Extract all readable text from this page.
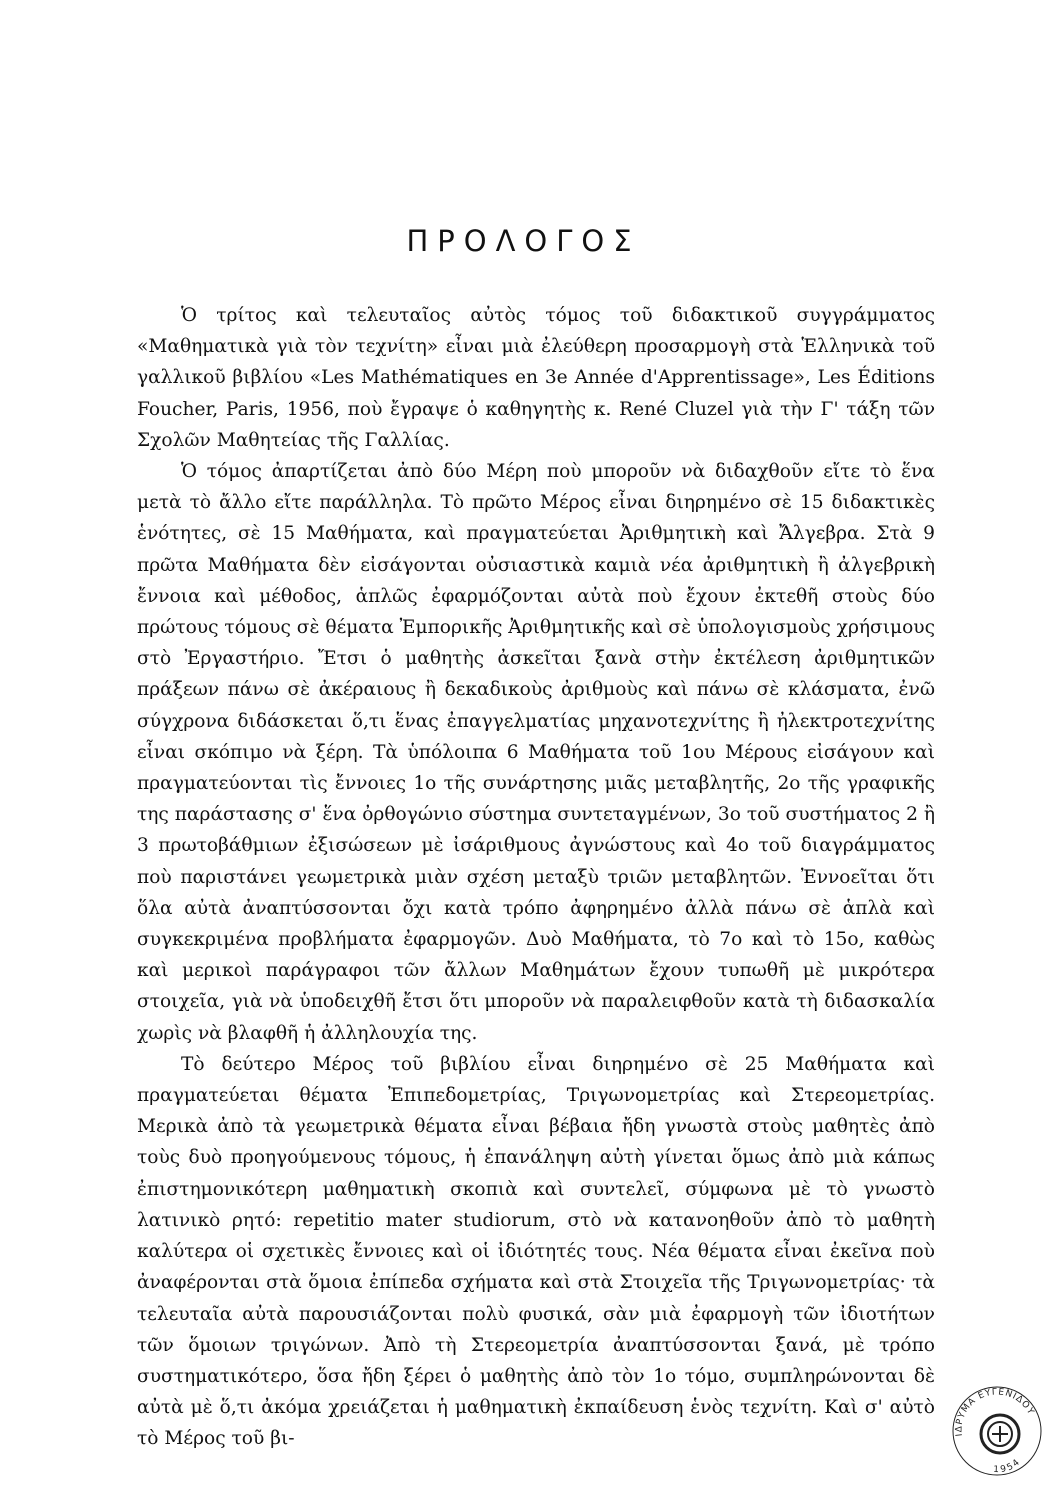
ΠΡΟΛΟΓΟΣ

Ὁ τρίτος καὶ τελευταῖος αὐτὸς τόμος τοῦ διδακτικοῦ συγγράμματος «Μαθηματικὰ γιὰ τὸν τεχνίτη» εἶναι μιὰ ἐλεύθερη προσαρμογὴ στὰ Ἑλληνικὰ τοῦ γαλλικοῦ βιβλίου «Les Mathématiques en 3e Année d'Apprentissage», Les Éditions Foucher, Paris, 1956, ποὺ ἔγραψε ὁ καθηγητὴς κ. René Cluzel γιὰ τὴν Γ' τάξη τῶν Σχολῶν Μαθητείας τῆς Γαλλίας.

Ὁ τόμος ἀπαρτίζεται ἀπὸ δύο Μέρη ποὺ μποροῦν νὰ διδαχθοῦν εἴτε τὸ ἕνα μετὰ τὸ ἄλλο εἴτε παράλληλα. Τὸ πρῶτο Μέρος εἶναι διηρημένο σὲ 15 διδακτικὲς ἑνότητες, σὲ 15 Μαθήματα, καὶ πραγματεύεται Ἀριθμητικὴ καὶ Ἄλγεβρα. Στὰ 9 πρῶτα Μαθήματα δὲν εἰσάγονται οὐσιαστικὰ καμιὰ νέα ἀριθμητικὴ ἢ ἀλγεβρικὴ ἔννοια καὶ μέθοδος, ἁπλῶς ἐφαρμόζονται αὐτὰ ποὺ ἔχουν ἐκτεθῆ στοὺς δύο πρώτους τόμους σὲ θέματα Ἐμπορικῆς Ἀριθμητικῆς καὶ σὲ ὑπολογισμοὺς χρήσιμους στὸ Ἐργαστήριο. Ἔτσι ὁ μαθητὴς ἀσκεῖται ξανὰ στὴν ἐκτέλεση ἀριθμητικῶν πράξεων πάνω σὲ ἀκέραιους ἢ δεκαδικοὺς ἀριθμοὺς καὶ πάνω σὲ κλάσματα, ἐνῶ σύγχρονα διδάσκεται ὅ,τι ἕνας ἐπαγγελματίας μηχανοτεχνίτης ἢ ἠλεκτροτεχνίτης εἶναι σκόπιμο νὰ ξέρη. Τὰ ὑπόλοιπα 6 Μαθήματα τοῦ 1ου Μέρους εἰσάγουν καὶ πραγματεύονται τὶς ἔννοιες 1ο τῆς συνάρτησης μιᾶς μεταβλητῆς, 2ο τῆς γραφικῆς της παράστασης σ' ἕνα ὀρθογώνιο σύστημα συντεταγμένων, 3ο τοῦ συστήματος 2 ἢ 3 πρωτοβάθμιων ἐξισώσεων μὲ ἰσάριθμους ἀγνώστους καὶ 4ο τοῦ διαγράμματος ποὺ παριστάνει γεωμετρικὰ μιὰν σχέση μεταξὺ τριῶν μεταβλητῶν. Ἐννοεῖται ὅτι ὅλα αὐτὰ ἀναπτύσσονται ὄχι κατὰ τρόπο ἀφηρημένο ἀλλὰ πάνω σὲ ἁπλὰ καὶ συγκεκριμένα προβλήματα ἐφαρμογῶν. Δυὸ Μαθήματα, τὸ 7ο καὶ τὸ 15ο, καθὼς καὶ μερικοὶ παράγραφοι τῶν ἄλλων Μαθημάτων ἔχουν τυπωθῆ μὲ μικρότερα στοιχεῖα, γιὰ νὰ ὑποδειχθῆ ἔτσι ὅτι μποροῦν νὰ παραλειφθοῦν κατὰ τὴ διδασκαλία χωρὶς νὰ βλαφθῆ ἡ ἀλληλουχία της.

Τὸ δεύτερο Μέρος τοῦ βιβλίου εἶναι διηρημένο σὲ 25 Μαθήματα καὶ πραγματεύεται θέματα Ἐπιπεδομετρίας, Τριγωνομετρίας καὶ Στερεομετρίας. Μερικὰ ἀπὸ τὰ γεωμετρικὰ θέματα εἶναι βέβαια ἤδη γνωστὰ στοὺς μαθητὲς ἀπὸ τοὺς δυὸ προηγούμενους τόμους, ἡ ἐπανάληψη αὐτὴ γίνεται ὅμως ἀπὸ μιὰ κάπως ἐπιστημονικότερη μαθηματικὴ σκοπιὰ καὶ συντελεῖ, σύμφωνα μὲ τὸ γνωστὸ λατινικὸ ρητό: repetitio mater studiorum, στὸ νὰ κατανοηθοῦν ἀπὸ τὸ μαθητὴ καλύτερα οἱ σχετικὲς ἔννοιες καὶ οἱ ἰδιότητές τους. Νέα θέματα εἶναι ἐκεῖνα ποὺ ἀναφέρονται στὰ ὅμοια ἐπίπεδα σχήματα καὶ στὰ Στοιχεῖα τῆς Τριγωνομετρίας· τὰ τελευταῖα αὐτὰ παρουσιάζονται πολὺ φυσικά, σὰν μιὰ ἐφαρμογὴ τῶν ἰδιοτήτων τῶν ὅμοιων τριγώνων. Ἀπὸ τὴ Στερεομετρία ἀναπτύσσονται ξανά, μὲ τρόπο συστηματικότερο, ὅσα ἤδη ξέρει ὁ μαθητὴς ἀπὸ τὸν 1ο τόμο, συμπληρώνονται δὲ αὐτὰ μὲ ὅ,τι ἀκόμα χρειάζεται ἡ μαθηματικὴ ἐκπαίδευση ἑνὸς τεχνίτη. Καὶ σ' αὐτὸ τὸ Μέρος τοῦ βι-	ΙΔΡΥΜΑ ΕΥΓΕΝΙΔΟΥ
1954
